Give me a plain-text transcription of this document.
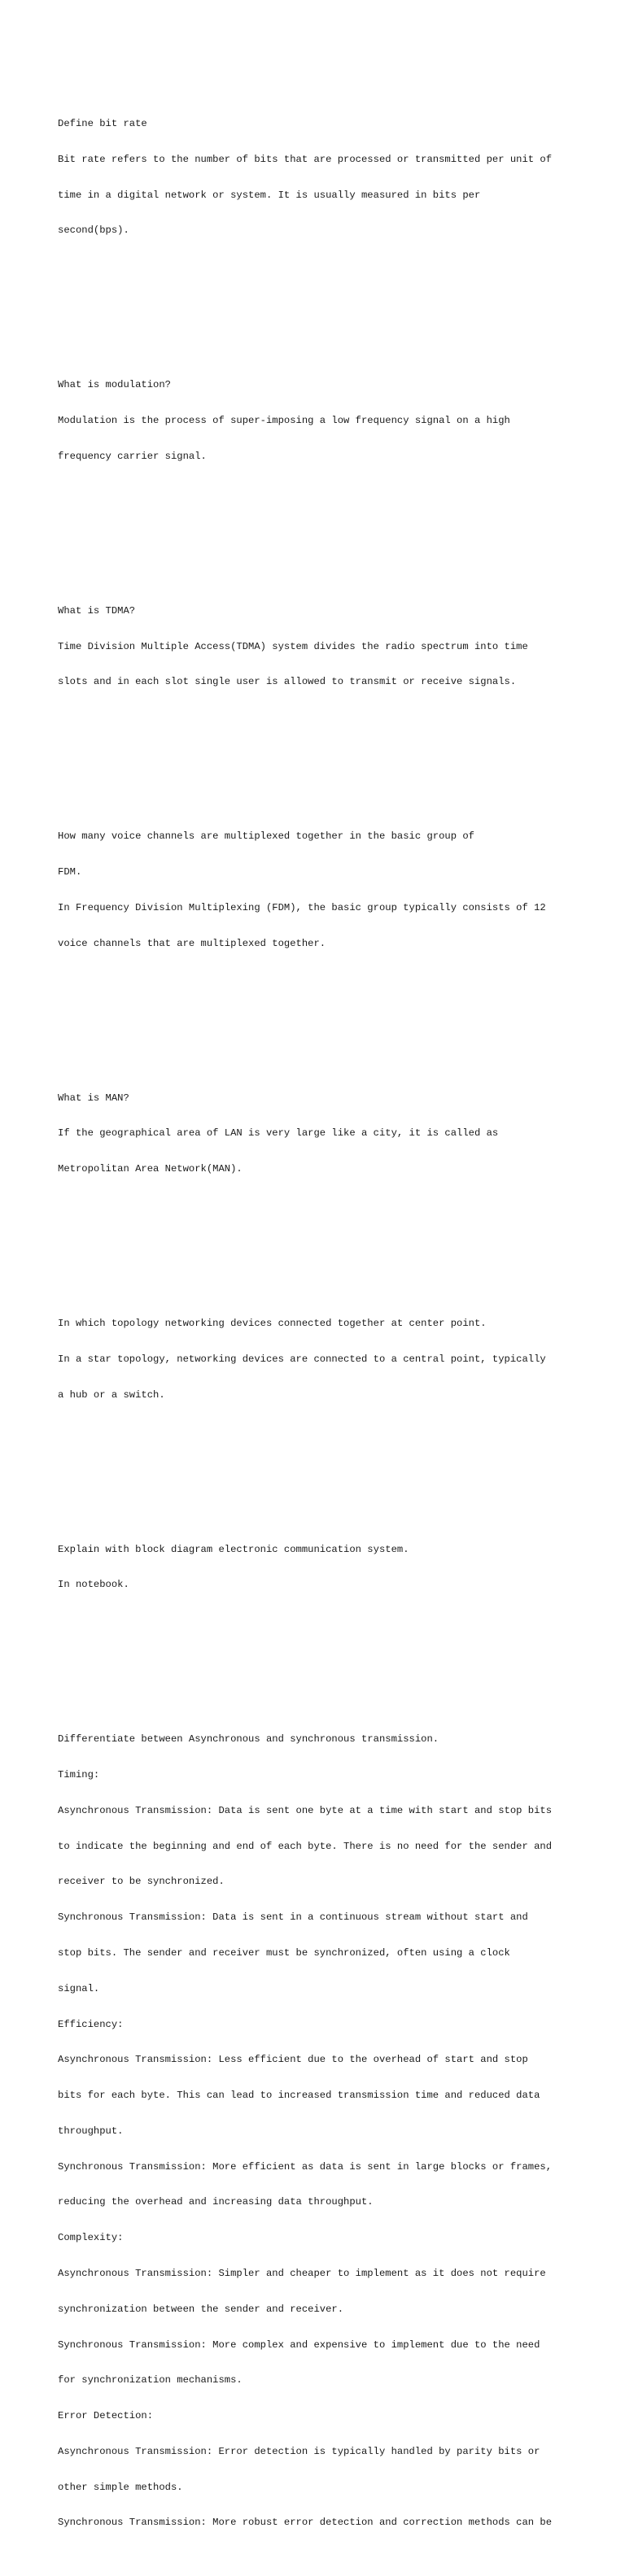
Define bit rate

Bit rate refers to the number of bits that are processed or transmitted per unit of

time in a digital network or system. It is usually measured in bits per

second(bps).

What is modulation?

Modulation is the process of super-imposing a low frequency signal on a high

frequency carrier signal.

What is TDMA?

Time Division Multiple Access(TDMA) system divides the radio spectrum into time

slots and in each slot single user is allowed to transmit or receive signals.

How many voice channels are multiplexed together in the basic group of

FDM.

In Frequency Division Multiplexing (FDM), the basic group typically consists of 12

voice channels that are multiplexed together.

What is MAN?

If the geographical area of LAN is very large like a city, it is called as

Metropolitan Area Network(MAN).

In which topology networking devices connected together at center point.

In a star topology, networking devices are connected to a central point, typically

a hub or a switch.

Explain with block diagram electronic communication system.

In notebook.

Differentiate between Asynchronous and synchronous transmission.

Timing:

Asynchronous Transmission: Data is sent one byte at a time with start and stop bits

to indicate the beginning and end of each byte. There is no need for the sender and

receiver to be synchronized.

Synchronous Transmission: Data is sent in a continuous stream without start and

stop bits. The sender and receiver must be synchronized, often using a clock

signal.

Efficiency:

Asynchronous Transmission: Less efficient due to the overhead of start and stop

bits for each byte. This can lead to increased transmission time and reduced data

throughput.

Synchronous Transmission: More efficient as data is sent in large blocks or frames,

reducing the overhead and increasing data throughput.

Complexity:

Asynchronous Transmission: Simpler and cheaper to implement as it does not require

synchronization between the sender and receiver.

Synchronous Transmission: More complex and expensive to implement due to the need

for synchronization mechanisms.

Error Detection:

Asynchronous Transmission: Error detection is typically handled by parity bits or

other simple methods.

Synchronous Transmission: More robust error detection and correction methods can be
